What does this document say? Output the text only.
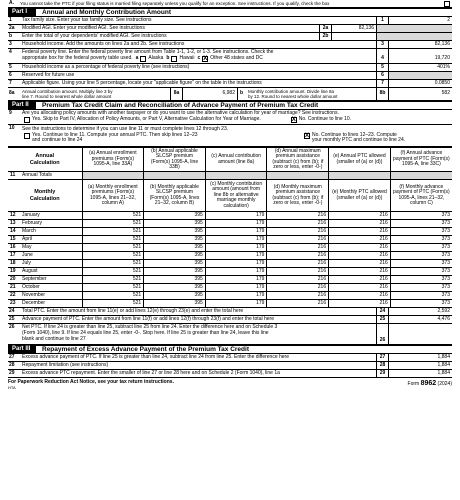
A.	You cannot take the PTC if your filing status is married filing separately unless you qualify for an exception. See instructions. If you qualify, check the box
Part I	Annual and Monthly Contribution Amount
1	Tax family size. Enter your tax family size. See instructions	1	2
2a	Modified AGI. Enter your modified AGI. See instructions	2a	82,136
b	Enter the total of your dependents' modified AGI. See instructions	2b
3	Household income. Add the amounts on lines 2a and 2b. See instructions	3	82,136
4	Federal poverty line. Enter the federal poverty line amount from Table 1-1, 1-2, or 1-3. See instructions. Check the
appropriate box for the federal poverty table used. a Alaska b Hawaii c X Other 48 states and DC	4	19,720
5	Household income as a percentage of federal poverty line (see instructions)	5	401%
6	Reserved for future use	6
7	Applicable figure. Using your line 5 percentage, locate your "applicable figure" on the table in the instructions	7	0.0850
8a	Annual contribution amount. Multiply line 3 by
line 7. Round to nearest whole dollar amount
8a	6,982	b	Monthly contribution amount. Divide line 8a
by 12. Round to nearest whole dollar amount
8b	582
Part II	Premium Tax Credit Claim and Reconciliation of Advance Payment of Premium Tax Credit
9	Are you allocating policy amounts with another taxpayer or do you want to use the alternative calculation for year of marriage? See instructions.
Yes. Skip to Part IV, Allocation of Policy Amounts, or Part V, Alternative Calculation for Year of Marriage.	X No. Continue to line 10.
10	See the instructions to determine if you can use line 11 or must complete lines 12 through 23.
Yes. Continue to line 11. Compute your annual PTC. Then skip lines 12–23
and continue to line 24
X No. Continue to lines 12–23. Compute
your monthly PTC and continue to line 24.
Annual
Calculation		(a) Annual enrollment premiums (Form(s) 1095-A, line 33A)	(b) Annual applicable SLCSP premium (Form(s) 1095-A, line 33B)	(c) Annual contribution amount (line 8a)	(d) Annual maximum premium assistance (subtract (c) from (b); if zero or less, enter -0-)	(e) Annual PTC allowed (smaller of (a) or (d))	(f) Annual advance payment of PTC (Form(s) 1095-A, line 33C)
11	Annual Totals						

Monthly
Calculation		(a) Monthly enrollment premiums (Form(s) 1095-A, lines 21–32, column A)	(b) Monthly applicable SLCSP premium (Form(s) 1095-A, lines 21–32, column B)	(c) Monthly contribution amount (amount from line 8b or alternative marriage monthly calculation)	(d) Monthly maximum premium assistance (subtract (c) from (b); if zero or less, enter -0-)	(e) Monthly PTC allowed (smaller of (a) or (d))	(f) Monthly advance payment of PTC (Form(s) 1095-A, lines 21–32, column C)
12	January	521	395	179	216	216	373
13	February	521	395	179	216	216	373
14	March	521	395	179	216	216	373
15	April	521	395	179	216	216	373
16	May	521	395	179	216	216	373
17	June	521	395	179	216	216	373
18	July	521	395	179	216	216	373
19	August	521	395	179	216	216	373
20	September	521	395	179	216	216	373
21	October	521	395	179	216	216	373
22	November	521	395	179	216	216	373
23	December	521	395	179	216	216	373
24	Total PTC. Enter the amount from line 11(e) or add lines 12(e) through 23(e) and enter the total here	24	2,592
25	Advance payment of PTC. Enter the amount from line 11(f) or add lines 12(f) through 23(f) and enter the total here	25	4,476
26	Net PTC. If line 24 is greater than line 25, subtract line 25 from line 24. Enter the difference here and on Schedule 3
(Form 1040), line 9. If line 24 equals line 25, enter -0-. Stop here. If line 25 is greater than line 24, leave this line
blank and continue to line 27	26
Part III	Repayment of Excess Advance Payment of the Premium Tax Credit
27	Excess advance payment of PTC. If line 25 is greater than line 24, subtract line 24 from line 25. Enter the difference here	27	1,884
28	Repayment limitation (see instructions)	28	1,884
29	Excess advance PTC repayment. Enter the smaller of line 27 or line 28 here and on Schedule 2 (Form 1040), line 1a	29	1,884
For Paperwork Reduction Act Notice, see your tax return instructions.
HTA
Form 8962 (2024)
